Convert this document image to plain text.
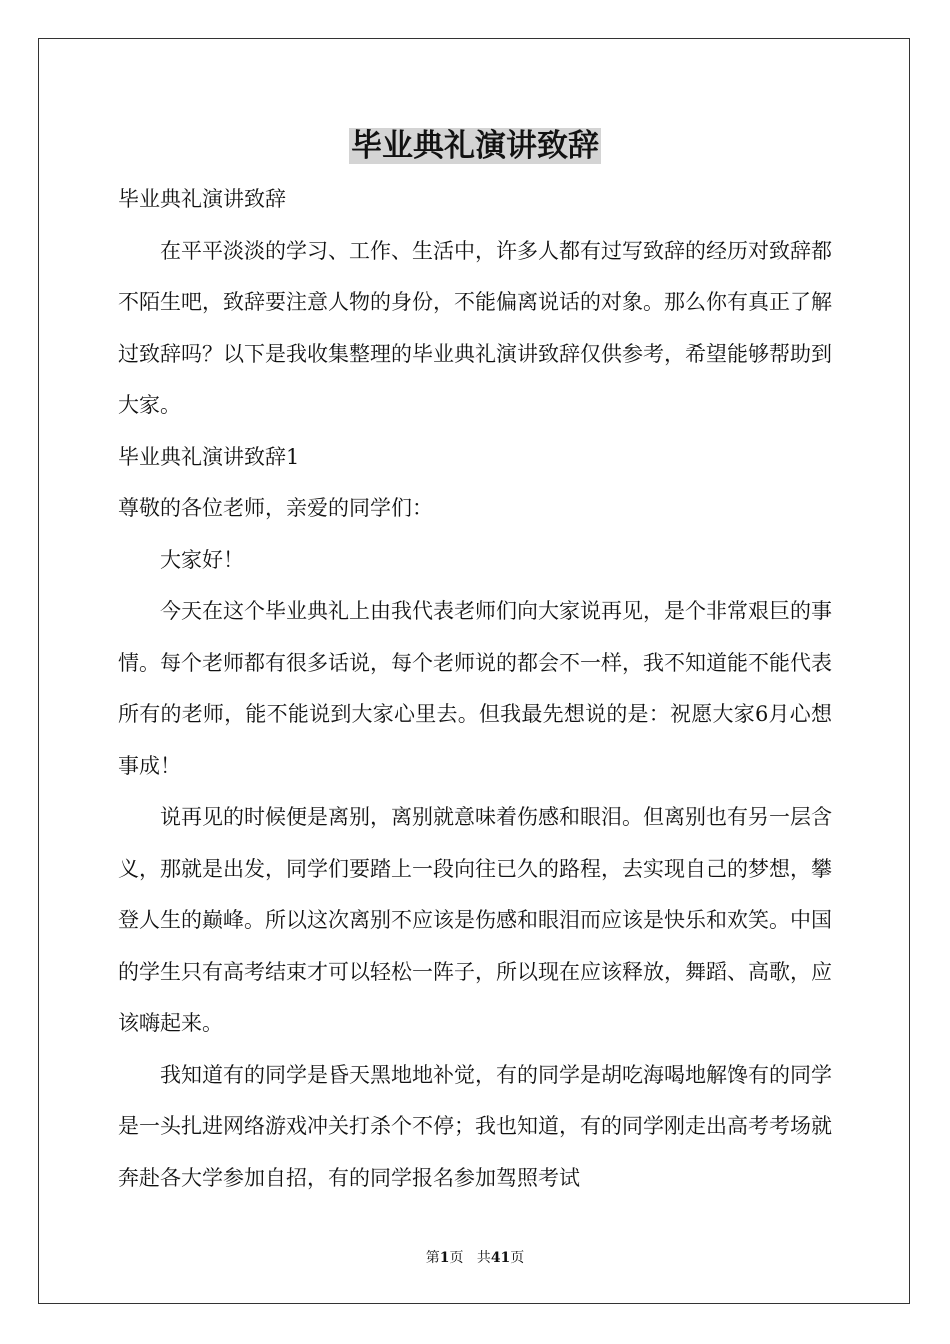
毕业典礼演讲致辞

毕业典礼演讲致辞

在平平淡淡的学习、工作、生活中，许多人都有过写致辞的经历对致辞都不陌生吧，致辞要注意人物的身份，不能偏离说话的对象。那么你有真正了解过致辞吗？以下是我收集整理的毕业典礼演讲致辞仅供参考，希望能够帮助到大家。

毕业典礼演讲致辞1

尊敬的各位老师，亲爱的同学们：

大家好！

今天在这个毕业典礼上由我代表老师们向大家说再见，是个非常艰巨的事情。每个老师都有很多话说，每个老师说的都会不一样，我不知道能不能代表所有的老师，能不能说到大家心里去。但我最先想说的是：祝愿大家6月心想事成！

说再见的时候便是离别，离别就意味着伤感和眼泪。但离别也有另一层含义，那就是出发，同学们要踏上一段向往已久的路程，去实现自己的梦想，攀登人生的巅峰。所以这次离别不应该是伤感和眼泪而应该是快乐和欢笑。中国的学生只有高考结束才可以轻松一阵子，所以现在应该释放，舞蹈、高歌，应该嗨起来。

我知道有的同学是昏天黑地地补觉，有的同学是胡吃海喝地解馋有的同学是一头扎进网络游戏冲关打杀个不停；我也知道，有的同学刚走出高考考场就奔赴各大学参加自招，有的同学报名参加驾照考试

第1页 共41页
